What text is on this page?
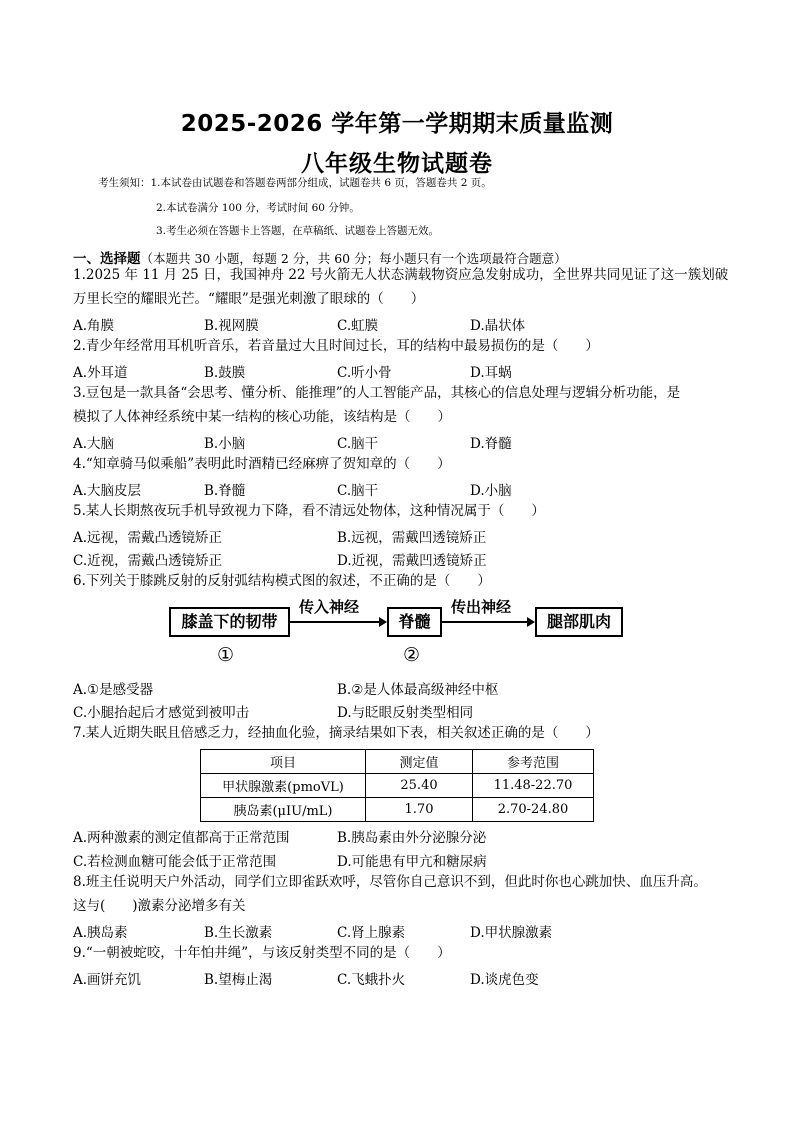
2025-2026 学年第一学期期末质量监测
八年级生物试题卷
考生须知：1.本试卷由试题卷和答题卷两部分组成，试题卷共 6 页，答题卷共 2 页。
2.本试卷满分 100 分，考试时间 60 分钟。
3.考生必须在答题卡上答题，在草稿纸、试题卷上答题无效。
一、选择题（本题共 30 小题，每题 2 分，共 60 分；每小题只有一个选项最符合题意）
1.2025 年 11 月 25 日，我国神舟 22 号火箭无人状态满载物资应急发射成功，全世界共同见证了这一簇划破
万里长空的耀眼光芒。“耀眼”是强光刺激了眼球的（　　）
A.角膜	B.视网膜	C.虹膜	D.晶状体
2.青少年经常用耳机听音乐，若音量过大且时间过长，耳的结构中最易损伤的是（　　）
A.外耳道	B.鼓膜	C.听小骨	D.耳蜗
3.豆包是一款具备“会思考、懂分析、能推理”的人工智能产品，其核心的信息处理与逻辑分析功能，是
模拟了人体神经系统中某一结构的核心功能，该结构是（　　）
A.大脑	B.小脑	C.脑干	D.脊髓
4.“知章骑马似乘船”表明此时酒精已经麻痹了贺知章的（　　）
A.大脑皮层	B.脊髓	C.脑干	D.小脑
5.某人长期熬夜玩手机导致视力下降，看不清远处物体，这种情况属于（　　）
A.远视，需戴凸透镜矫正	B.远视，需戴凹透镜矫正
C.近视，需戴凸透镜矫正	D.近视，需戴凹透镜矫正
6.下列关于膝跳反射的反射弧结构模式图的叙述，不正确的是（　　）
膝盖下的韧带
传入神经
脊髓
传出神经
腿部肌肉
①	②
A.①是感受器	B.②是人体最高级神经中枢
C.小腿抬起后才感觉到被叩击	D.与眨眼反射类型相同
7.某人近期失眠且倍感乏力，经抽血化验，摘录结果如下表，相关叙述正确的是（　　）
项目	测定值	参考范围
甲状腺激素(pmoVL)	25.40	11.48-22.70
胰岛素(μIU/mL)	1.70	2.70-24.80
A.两种激素的测定值都高于正常范围	B.胰岛素由外分泌腺分泌
C.若检测血糖可能会低于正常范围	D.可能患有甲亢和糖尿病
8.班主任说明天户外活动，同学们立即雀跃欢呼，尽管你自己意识不到，但此时你也心跳加快、血压升高。
这与(　　)激素分泌增多有关
A.胰岛素	B.生长激素	C.肾上腺素	D.甲状腺激素
9.“一朝被蛇咬，十年怕井绳”，与该反射类型不同的是（　　）
A.画饼充饥	B.望梅止渴	C.飞蛾扑火	D.谈虎色变
